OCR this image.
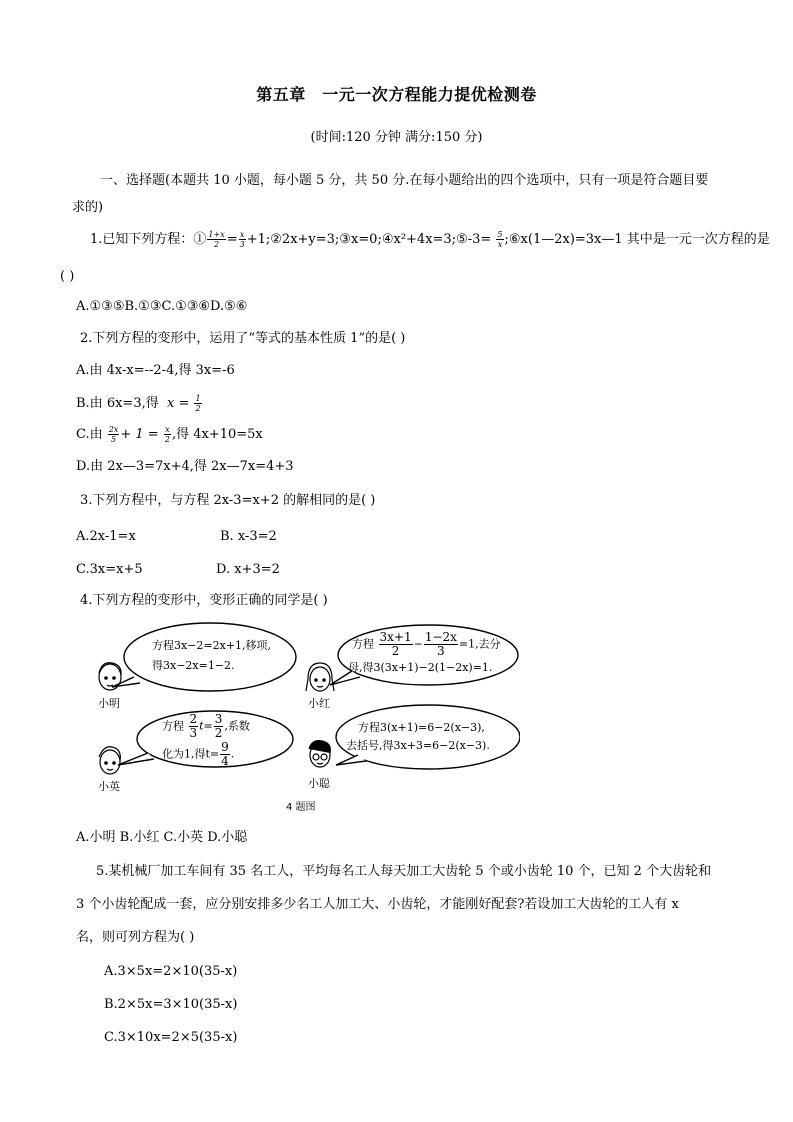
第五章　一元一次方程能力提优检测卷
(时间:120 分钟 满分:150 分)
一、选择题(本题共 10 小题，每小题 5 分，共 50 分.在每小题给出的四个选项中，只有一项是符合题目要
求的)
1.已知下列方程：① $\frac{1+x}{2} = \frac{x}{3}$ +1;②2x+y=3;③x=0;④x²+4x=3;⑤-3= $\frac{5}{x}$ ;⑥x(1—2x)=3x—1 其中是一元一次方程的是
( )
A.①③⑤B.①③C.①③⑥D.⑤⑥
2.下列方程的变形中，运用了“等式的基本性质 1”的是( )
A.由 4x-x=--2-4,得 3x=-6
B.由 6x=3,得 $x = \frac{1}{2}$
C.由 $\frac{2x}{5} + 1 = \frac{x}{2}$ ,得 4x+10=5x
D.由 2x—3=7x+4,得 2x—7x=4+3
3.下列方程中，与方程 2x-3=x+2 的解相同的是( )
A.2x-1=x	B. x-3=2
C.3x=x+5	D. x+3=2
4.下列方程的变形中，变形正确的同学是( )
方程3x−2=2x+1,移项,
得3x−2x=1−2.
小明
方程 $\frac{3x+1}{2} - \frac{1-2x}{3} =1$,去分
母,得3(3x+1)−2(1−2x)=1.
小红
方程 $\frac{2}{3} t= \frac{3}{2}$ ,系数
化为1,得$t= \frac{9}{4}$ .
小英
方程3(x+1)=6−2(x−3),
去括号,得3x+3=6−2(x−3).
小聪
4 题图
A.小明 B.小红 C.小英 D.小聪
5.某机械厂加工车间有 35 名工人，平均每名工人每天加工大齿轮 5 个或小齿轮 10 个，已知 2 个大齿轮和
3 个小齿轮配成一套，应分别安排多少名工人加工大、小齿轮，才能刚好配套?若设加工大齿轮的工人有 x
名，则可列方程为( )
A.3×5x=2×10(35-x)
B.2×5x=3×10(35-x)
C.3×10x=2×5(35-x)
